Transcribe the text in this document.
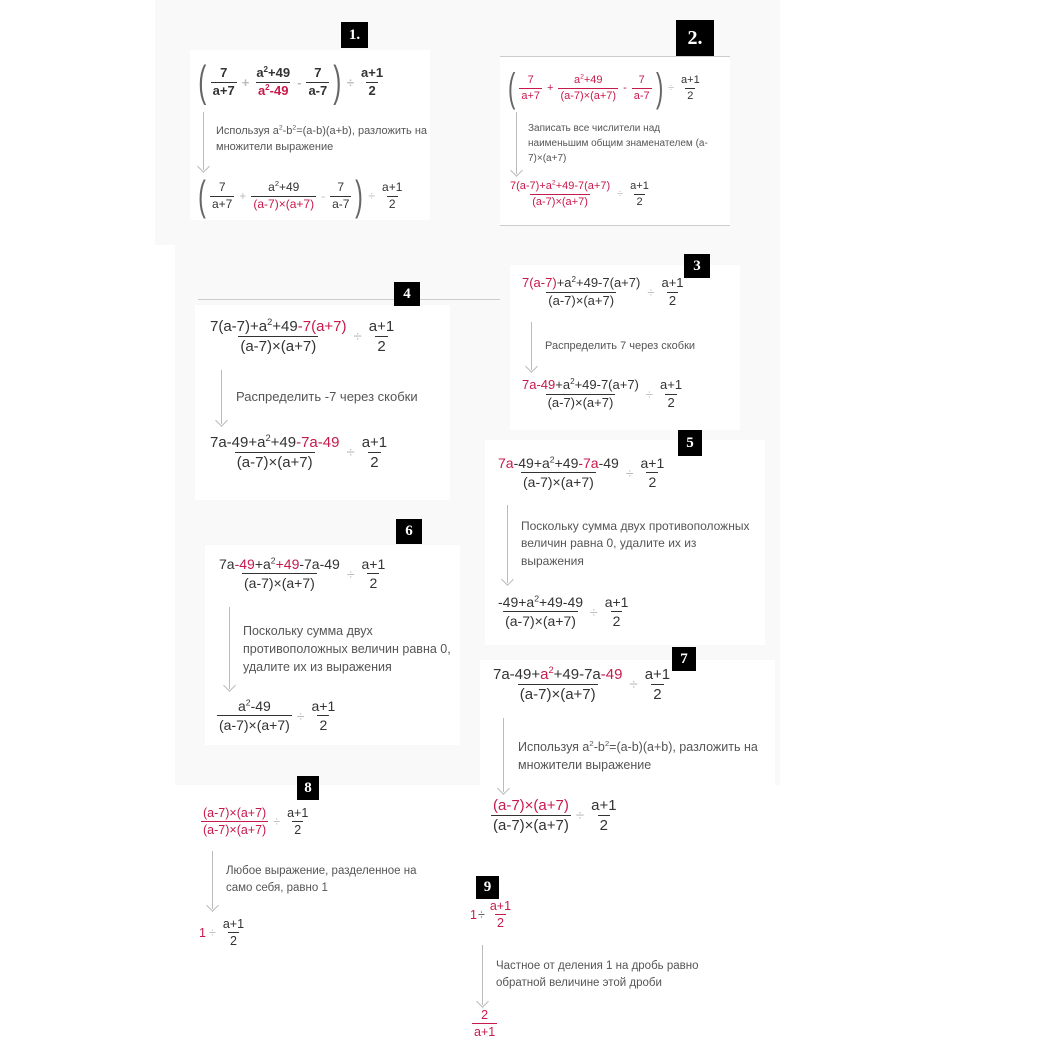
1.
( $\frac{7}{a+7} + \frac{a^2+49}{a^2-49} - \frac{7}{a-7}$ ) ÷ $\frac{a+1}{2}$
Используя $a^2-b^2=(a-b)(a+b)$, разложить на множители выражение
( $\frac{7}{a+7} + \frac{a^2+49}{(a-7)\times(a+7)} - \frac{7}{a-7}$ ) ÷ $\frac{a+1}{2}$
2.
( $\frac{7}{a+7} + \frac{a^2+49}{(a-7)\times(a+7)} - \frac{7}{a-7}$ ) ÷ $\frac{a+1}{2}$
Записать все числители над наименьшим общим знаменателем (a-7)×(a+7)
$\frac{7(a-7)+a^2+49-7(a+7)}{(a-7)\times(a+7)} \div \frac{a+1}{2}$
3
$\frac{7(a-7)+a^2+49-7(a+7)}{(a-7)\times(a+7)} \div \frac{a+1}{2}$
Распределить 7 через скобки
$\frac{7a-49+a^2+49-7(a+7)}{(a-7)\times(a+7)} \div \frac{a+1}{2}$
4
$\frac{7(a-7)+a^2+49-7(a+7)}{(a-7)\times(a+7)} \div \frac{a+1}{2}$
Распределить -7 через скобки
$\frac{7a-49+a^2+49-7a-49}{(a-7)\times(a+7)} \div \frac{a+1}{2}$	5
$\frac{7a-49+a^2+49-7a-49}{(a-7)\times(a+7)} \div \frac{a+1}{2}$
Поскольку сумма двух противоположных величин равна 0, удалите их из выражения
$\frac{-49+a^2+49-49}{(a-7)\times(a+7)} \div \frac{a+1}{2}$
6
$\frac{7a-49+a^2+49-7a-49}{(a-7)\times(a+7)} \div \frac{a+1}{2}$
Поскольку сумма двух противоположных величин равна 0, удалите их из выражения
$\frac{a^2-49}{(a-7)\times(a+7)} \div \frac{a+1}{2}$
7
$\frac{7a-49+a^2+49-7a-49}{(a-7)\times(a+7)} \div \frac{a+1}{2}$
Используя $a^2-b^2=(a-b)(a+b)$, разложить на множители выражение
$\frac{(a-7)\times(a+7)}{(a-7)\times(a+7)} \div \frac{a+1}{2}$
8
$\frac{(a-7)\times(a+7)}{(a-7)\times(a+7)} \div \frac{a+1}{2}$
Любое выражение, разделенное на само себя, равно 1
$1 \div \frac{a+1}{2}$
9
$1 \div \frac{a+1}{2}$
Частное от деления 1 на дробь равно обратной величине этой дроби
$\frac{2}{a+1}$
